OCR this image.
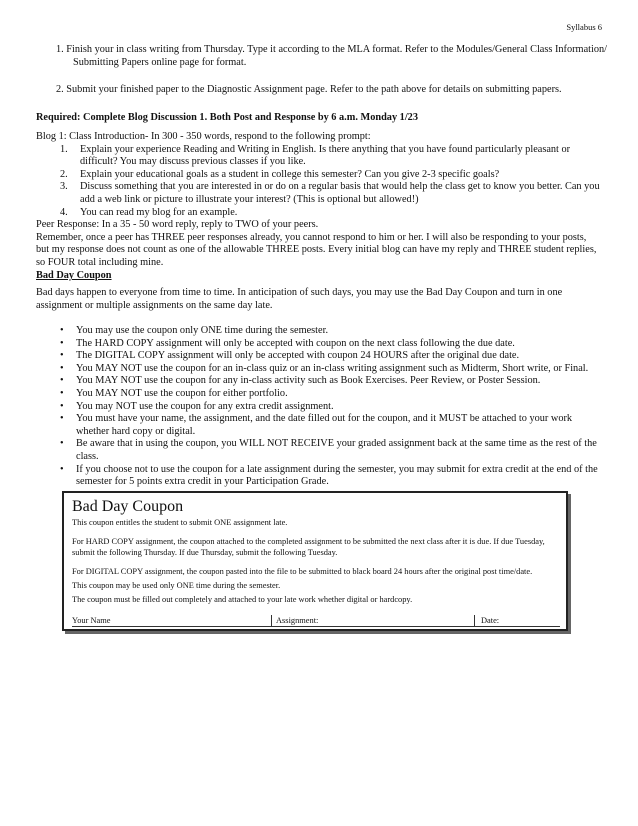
Syllabus 6
1. Finish your in class writing from Thursday. Type it according to the MLA format. Refer to the Modules/General Class Information/ Submitting Papers online page for format.
2. Submit your finished paper to the Diagnostic Assignment page. Refer to the path above for details on submitting papers.
Required: Complete Blog Discussion 1. Both Post and Response by 6 a.m. Monday 1/23
Blog 1: Class Introduction- In 300 - 350 words, respond to the following prompt:
1. Explain your experience Reading and Writing in English. Is there anything that you have found particularly pleasant or difficult? You may discuss previous classes if you like.
2. Explain your educational goals as a student in college this semester? Can you give 2-3 specific goals?
3. Discuss something that you are interested in or do on a regular basis that would help the class get to know you better. Can you add a web link or picture to illustrate your interest? (This is optional but allowed!)
4. You can read my blog for an example.
Peer Response: In a 35 - 50 word reply, reply to TWO of your peers.
Remember, once a peer has THREE peer responses already, you cannot respond to him or her. I will also be responding to your posts, but my response does not count as one of the allowable THREE posts. Every initial blog can have my reply and THREE student replies, so FOUR total including mine.
Bad Day Coupon
Bad days happen to everyone from time to time. In anticipation of such days, you may use the Bad Day Coupon and turn in one assignment or multiple assignments on the same day late.
• You may use the coupon only ONE time during the semester.
• The HARD COPY assignment will only be accepted with coupon on the next class following the due date.
• The DIGITAL COPY assignment will only be accepted with coupon 24 HOURS after the original due date.
• You MAY NOT use the coupon for an in-class quiz or an in-class writing assignment such as Midterm, Short write, or Final.
• You MAY NOT use the coupon for any in-class activity such as Book Exercises. Peer Review, or Poster Session.
• You MAY NOT use the coupon for either portfolio.
• You may NOT use the coupon for any extra credit assignment.
• You must have your name, the assignment, and the date filled out for the coupon, and it MUST be attached to your work whether hard copy or digital.
• Be aware that in using the coupon, you WILL NOT RECEIVE your graded assignment back at the same time as the rest of the class.
• If you choose not to use the coupon for a late assignment during the semester, you may submit for extra credit at the end of the semester for 5 points extra credit in your Participation Grade.
Bad Day Coupon
This coupon entitles the student to submit ONE assignment late.
For HARD COPY assignment, the coupon attached to the completed assignment to be submitted the next class after it is due. If due Tuesday, submit the following Thursday. If due Thursday, submit the following Tuesday.
For DIGITAL COPY assignment, the coupon pasted into the file to be submitted to black board 24 hours after the original post time/date.
This coupon may be used only ONE time during the semester.
The coupon must be filled out completely and attached to your late work whether digital or hardcopy.
Your Name	Assignment:	Date:
